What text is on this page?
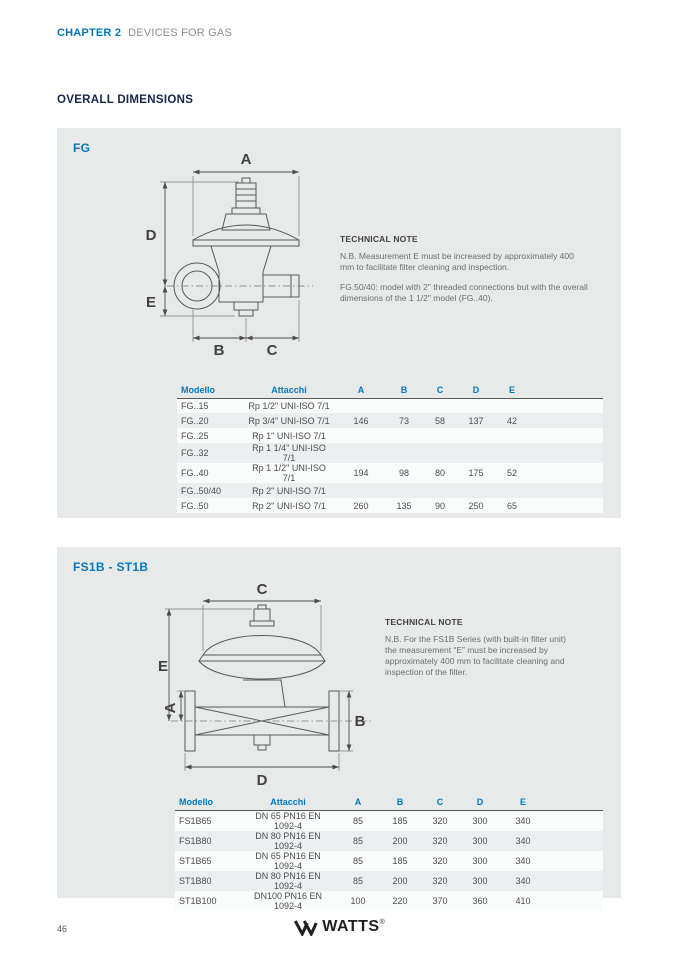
CHAPTER 2 DEVICES FOR GAS
OVERALL DIMENSIONS
FG
A
D
E
B	C
TECHNICAL NOTE

N.B. Measurement E must be increased by approximately 400 mm to facilitate filter cleaning and inspection.

FG.50/40: model with 2" threaded connections but with the overall dimensions of the 1 1/2" model (FG..40).

Modello	Attacchi	A	B	C	D	E	
FG..15	Rp 1/2" UNI-ISO 7/1						
FG..20	Rp 3/4" UNI-ISO 7/1	146	73	58	137	42	
FG..25	Rp 1" UNI-ISO 7/1						
FG..32	Rp 1 1/4" UNI-ISO 7/1						
FG..40	Rp 1 1/2" UNI-ISO 7/1	194	98	80	175	52	
FG..50/40	Rp 2" UNI-ISO 7/1						
FG..50	Rp 2" UNI-ISO 7/1	260	135	90	250	65	
FS1B - ST1B
C
E
A
B
D
TECHNICAL NOTE

N.B. For the FS1B Series (with built-in filter unit) the measurement “E” must be increased by approximately 400 mm to facilitate cleaning and inspection of the filter.

Modello	Attacchi	A	B	C	D	E	
FS1B65	DN 65 PN16 EN 1092-4	85	185	320	300	340	
FS1B80	DN 80 PN16 EN 1092-4	85	200	320	300	340	
ST1B65	DN 65 PN16 EN 1092-4	85	185	320	300	340	
ST1B80	DN 80 PN16 EN 1092-4	85	200	320	300	340	
ST1B100	DN100 PN16 EN 1092-4	100	220	370	360	410	
46	WATTS ®
